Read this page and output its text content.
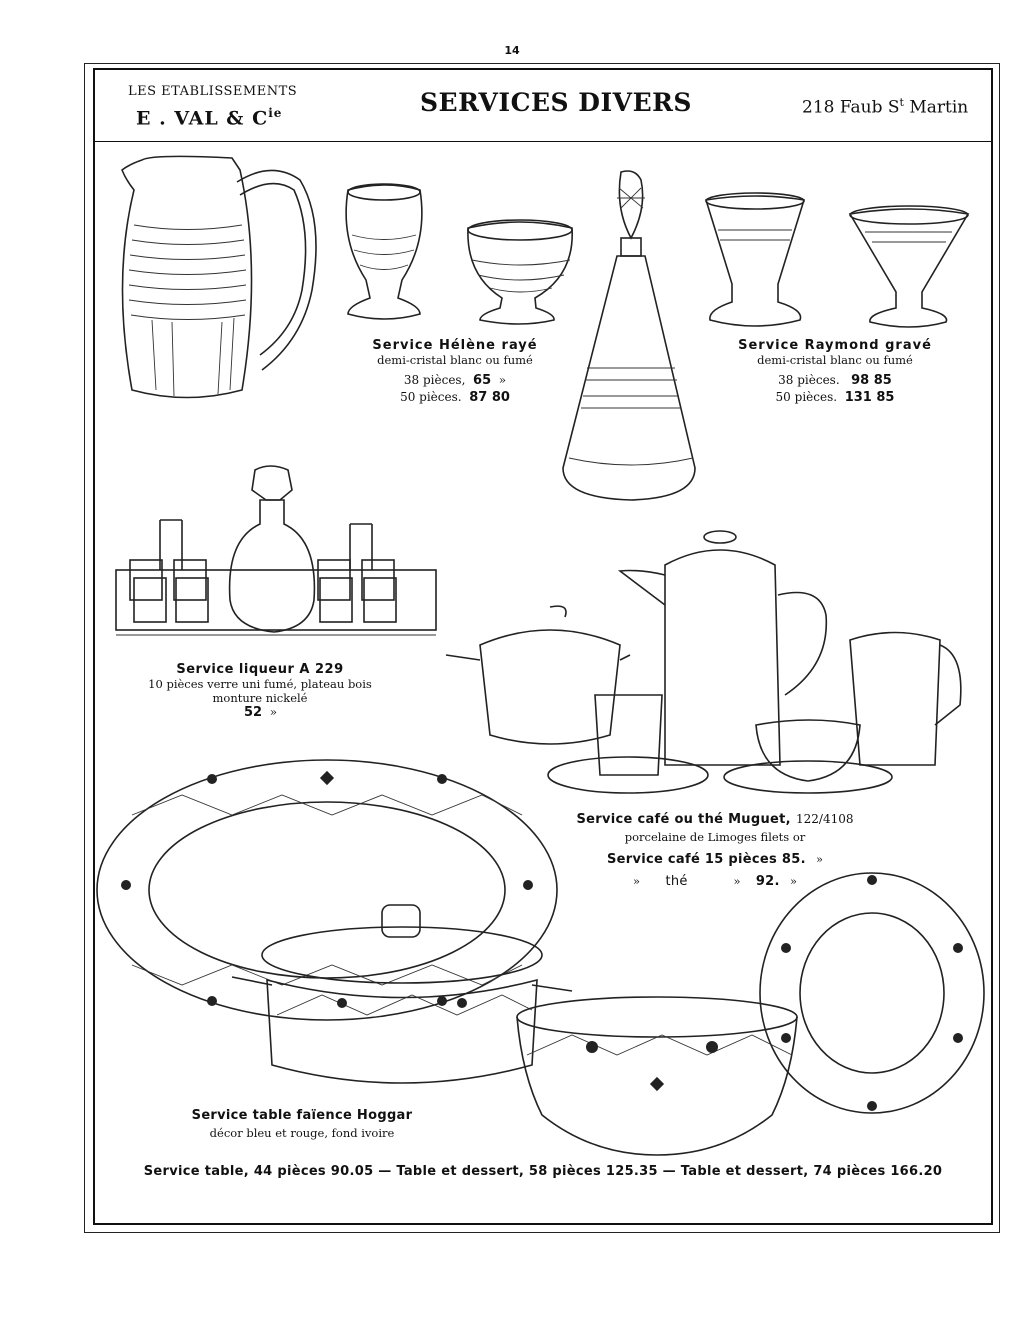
14
LES ETABLISSEMENTS
E . VAL & $C^{ie}$	SERVICES DIVERS	218 Faub $S^t$ Martin
Service Hélène rayé
demi-cristal blanc ou fumé
38 pièces, 65 »
50 pièces. 87 80
Service Raymond gravé
demi-cristal blanc ou fumé
38 pièces. 98 85
50 pièces. 131 85
Service liqueur A 229
10 pièces verre uni fumé, plateau bois
monture nickelé
52 »
Service café ou thé Muguet, 122/4108
porcelaine de Limoges filets or
Service café 15 pièces 85. »
» thé	» 92. »
Service table faïence Hoggar
décor bleu et rouge, fond ivoire
Service table, 44 pièces 90.05 — Table et dessert, 58 pièces 125.35 — Table et dessert, 74 pièces 166.20
